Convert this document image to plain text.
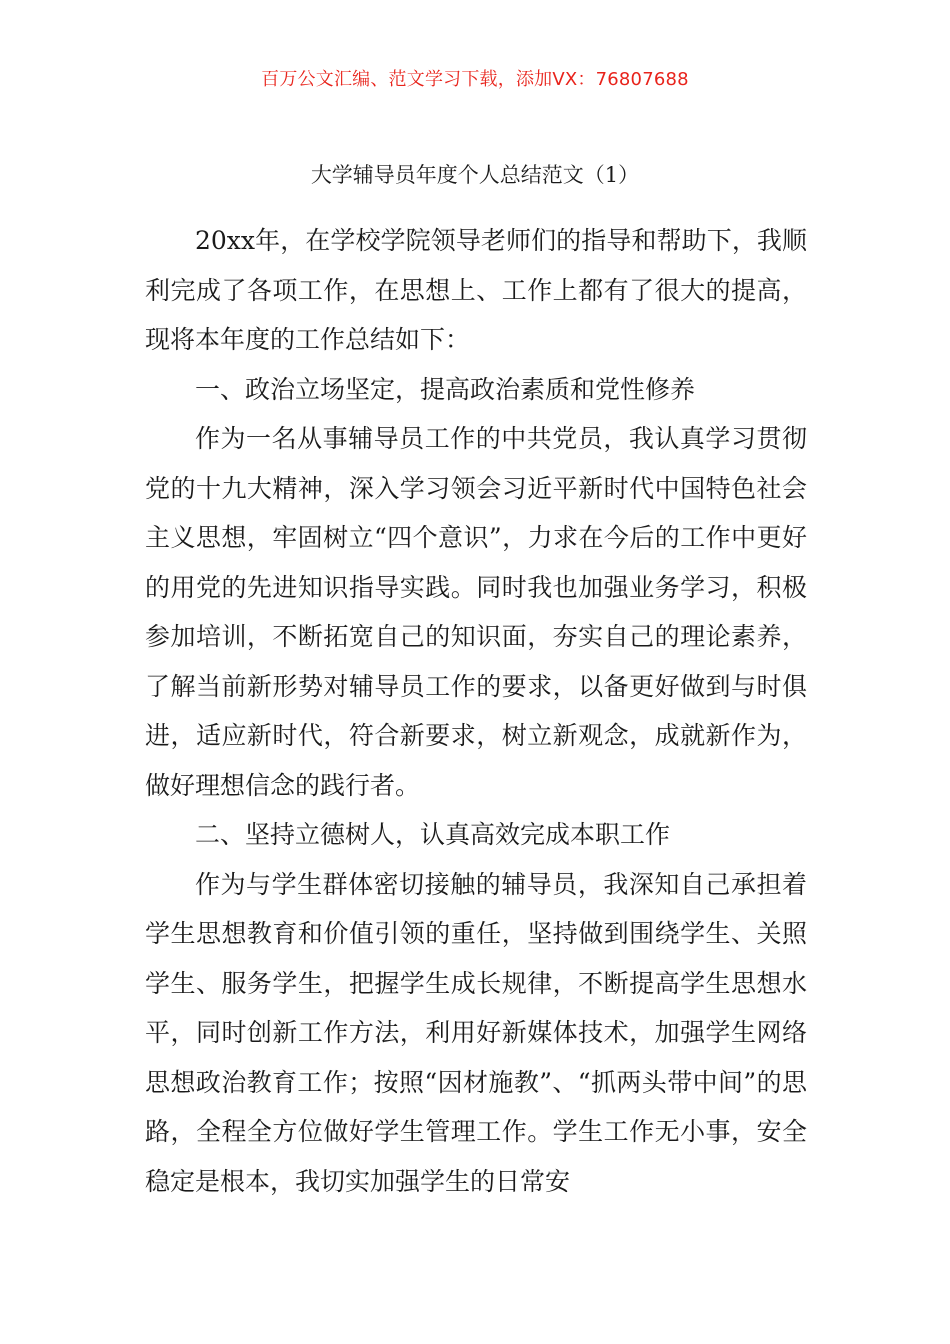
百万公文汇编、范文学习下载，添加VX：76807688
大学辅导员年度个人总结范文（1）

20xx年，在学校学院领导老师们的指导和帮助下，我顺利完成了各项工作，在思想上、工作上都有了很大的提高，现将本年度的工作总结如下：

一、政治立场坚定，提高政治素质和党性修养

作为一名从事辅导员工作的中共党员，我认真学习贯彻党的十九大精神，深入学习领会习近平新时代中国特色社会主义思想，牢固树立“四个意识”，力求在今后的工作中更好的用党的先进知识指导实践。同时我也加强业务学习，积极参加培训，不断拓宽自己的知识面，夯实自己的理论素养，了解当前新形势对辅导员工作的要求，以备更好做到与时俱进，适应新时代，符合新要求，树立新观念，成就新作为，做好理想信念的践行者。

二、坚持立德树人，认真高效完成本职工作

作为与学生群体密切接触的辅导员，我深知自己承担着学生思想教育和价值引领的重任，坚持做到围绕学生、关照学生、服务学生，把握学生成长规律，不断提高学生思想水平，同时创新工作方法，利用好新媒体技术，加强学生网络思想政治教育工作；按照“因材施教”、“抓两头带中间”的思路，全程全方位做好学生管理工作。学生工作无小事，安全稳定是根本，我切实加强学生的日常安
